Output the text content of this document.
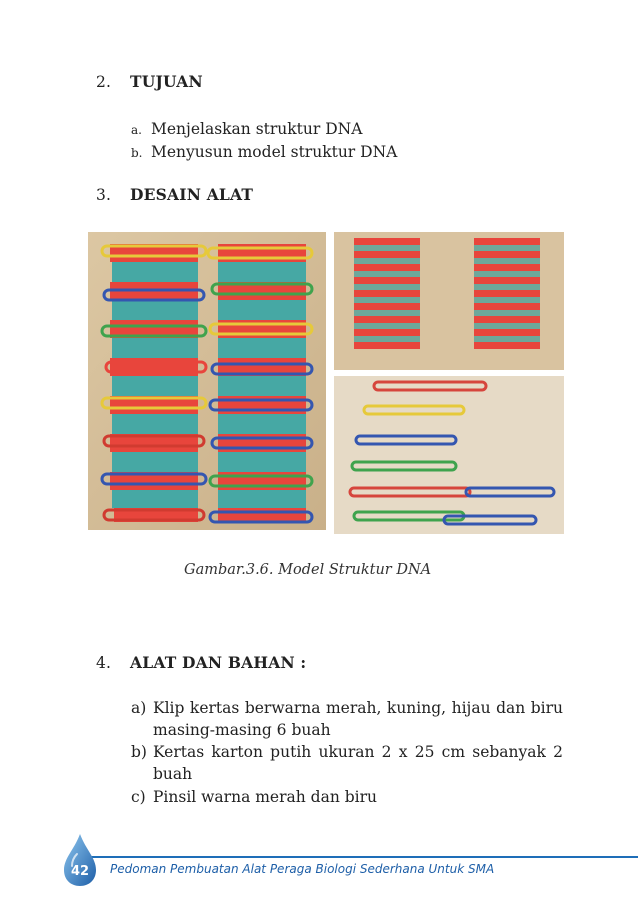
2. TUJUAN
a. Menjelaskan struktur DNA
b. Menyusun model struktur DNA
3. DESAIN ALAT
Gambar.3.6. Model Struktur DNA
4. ALAT DAN BAHAN :
a) Klip kertas berwarna merah, kuning, hijau dan biru masing-masing 6 buah
b) Kertas karton putih ukuran 2 x 25 cm sebanyak 2 buah
c) Pinsil warna merah dan biru
42	Pedoman Pembuatan Alat Peraga Biologi Sederhana Untuk SMA
